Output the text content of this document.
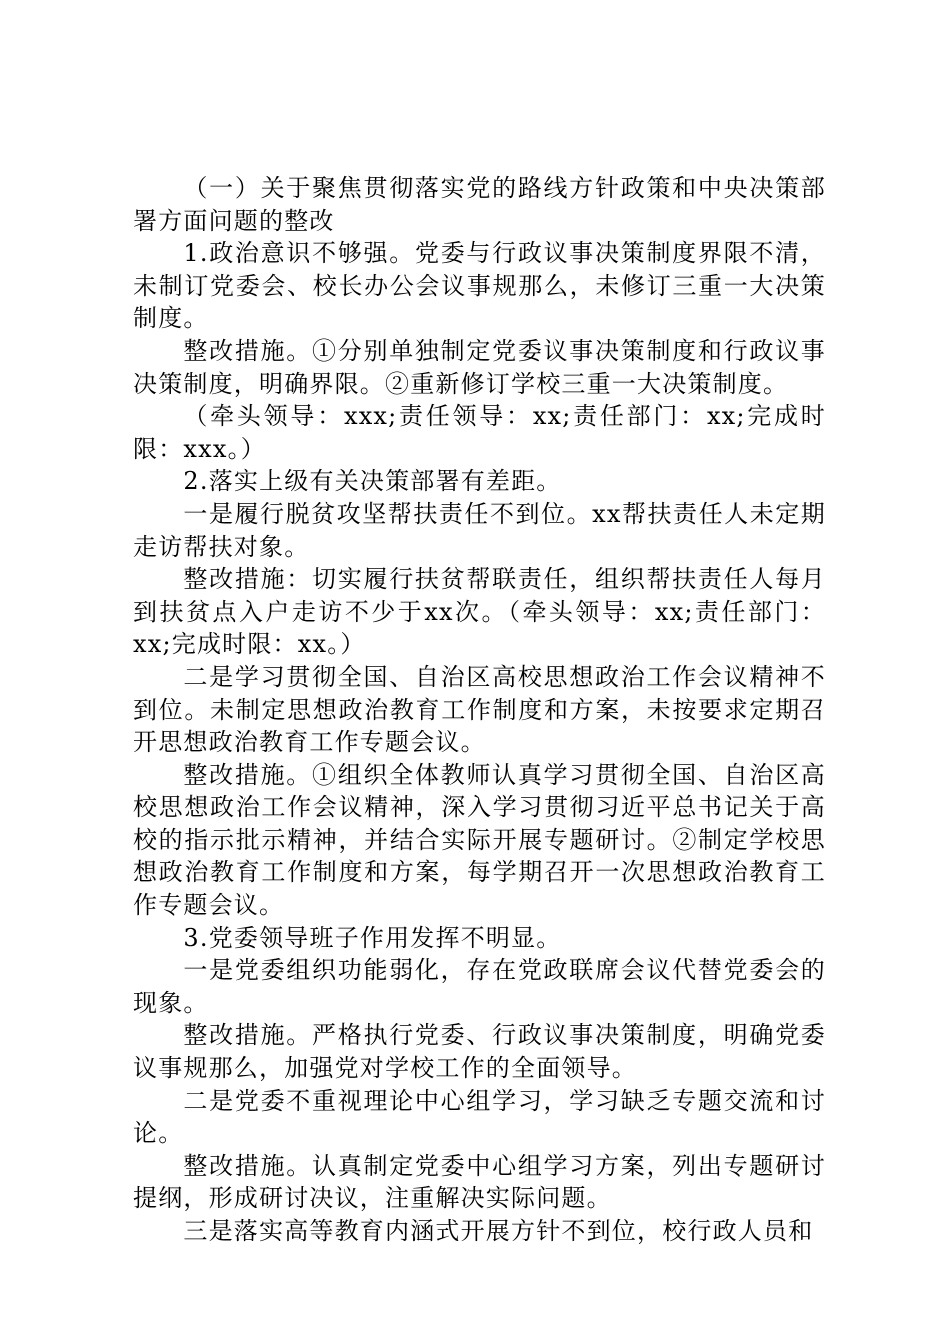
（一）关于聚焦贯彻落实党的路线方针政策和中央决策部署方面问题的整改

1.政治意识不够强。党委与行政议事决策制度界限不清，未制订党委会、校长办公会议事规那么，未修订三重一大决策制度。

整改措施。①分别单独制定党委议事决策制度和行政议事决策制度，明确界限。②重新修订学校三重一大决策制度。

（牵头领导：xxx;责任领导：xx;责任部门：xx;完成时限：xxx。）

2.落实上级有关决策部署有差距。

一是履行脱贫攻坚帮扶责任不到位。xx帮扶责任人未定期走访帮扶对象。

整改措施：切实履行扶贫帮联责任，组织帮扶责任人每月到扶贫点入户走访不少于xx次。（牵头领导：xx;责任部门：xx;完成时限：xx。）

二是学习贯彻全国、自治区高校思想政治工作会议精神不到位。未制定思想政治教育工作制度和方案，未按要求定期召开思想政治教育工作专题会议。

整改措施。①组织全体教师认真学习贯彻全国、自治区高校思想政治工作会议精神，深入学习贯彻习近平总书记关于高校的指示批示精神，并结合实际开展专题研讨。②制定学校思想政治教育工作制度和方案，每学期召开一次思想政治教育工作专题会议。

3.党委领导班子作用发挥不明显。

一是党委组织功能弱化，存在党政联席会议代替党委会的现象。

整改措施。严格执行党委、行政议事决策制度，明确党委议事规那么，加强党对学校工作的全面领导。

二是党委不重视理论中心组学习，学习缺乏专题交流和讨论。

整改措施。认真制定党委中心组学习方案，列出专题研讨提纲，形成研讨决议，注重解决实际问题。

三是落实高等教育内涵式开展方针不到位，校行政人员和
